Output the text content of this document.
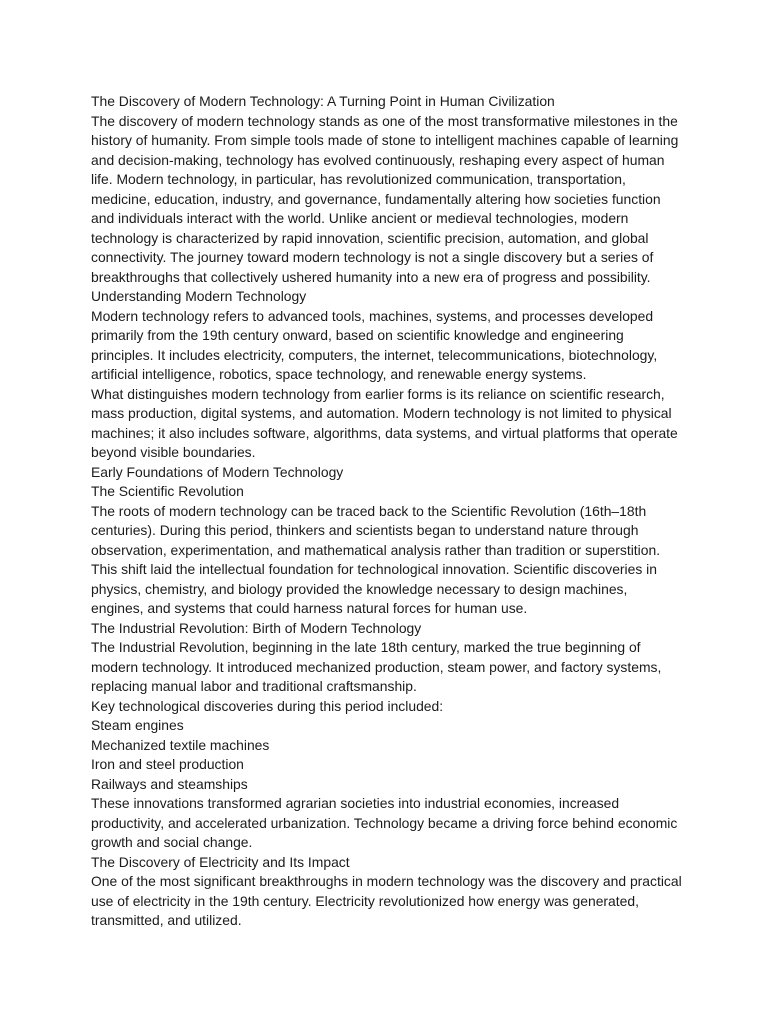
The Discovery of Modern Technology: A Turning Point in Human Civilization
The discovery of modern technology stands as one of the most transformative milestones in the
history of humanity. From simple tools made of stone to intelligent machines capable of learning
and decision-making, technology has evolved continuously, reshaping every aspect of human
life. Modern technology, in particular, has revolutionized communication, transportation,
medicine, education, industry, and governance, fundamentally altering how societies function
and individuals interact with the world. Unlike ancient or medieval technologies, modern
technology is characterized by rapid innovation, scientific precision, automation, and global
connectivity. The journey toward modern technology is not a single discovery but a series of
breakthroughs that collectively ushered humanity into a new era of progress and possibility.
Understanding Modern Technology
Modern technology refers to advanced tools, machines, systems, and processes developed
primarily from the 19th century onward, based on scientific knowledge and engineering
principles. It includes electricity, computers, the internet, telecommunications, biotechnology,
artificial intelligence, robotics, space technology, and renewable energy systems.
What distinguishes modern technology from earlier forms is its reliance on scientific research,
mass production, digital systems, and automation. Modern technology is not limited to physical
machines; it also includes software, algorithms, data systems, and virtual platforms that operate
beyond visible boundaries.
Early Foundations of Modern Technology
The Scientific Revolution
The roots of modern technology can be traced back to the Scientific Revolution (16th–18th
centuries). During this period, thinkers and scientists began to understand nature through
observation, experimentation, and mathematical analysis rather than tradition or superstition.
This shift laid the intellectual foundation for technological innovation. Scientific discoveries in
physics, chemistry, and biology provided the knowledge necessary to design machines,
engines, and systems that could harness natural forces for human use.
The Industrial Revolution: Birth of Modern Technology
The Industrial Revolution, beginning in the late 18th century, marked the true beginning of
modern technology. It introduced mechanized production, steam power, and factory systems,
replacing manual labor and traditional craftsmanship.
Key technological discoveries during this period included:
Steam engines
Mechanized textile machines
Iron and steel production
Railways and steamships
These innovations transformed agrarian societies into industrial economies, increased
productivity, and accelerated urbanization. Technology became a driving force behind economic
growth and social change.
The Discovery of Electricity and Its Impact
One of the most significant breakthroughs in modern technology was the discovery and practical
use of electricity in the 19th century. Electricity revolutionized how energy was generated,
transmitted, and utilized.
